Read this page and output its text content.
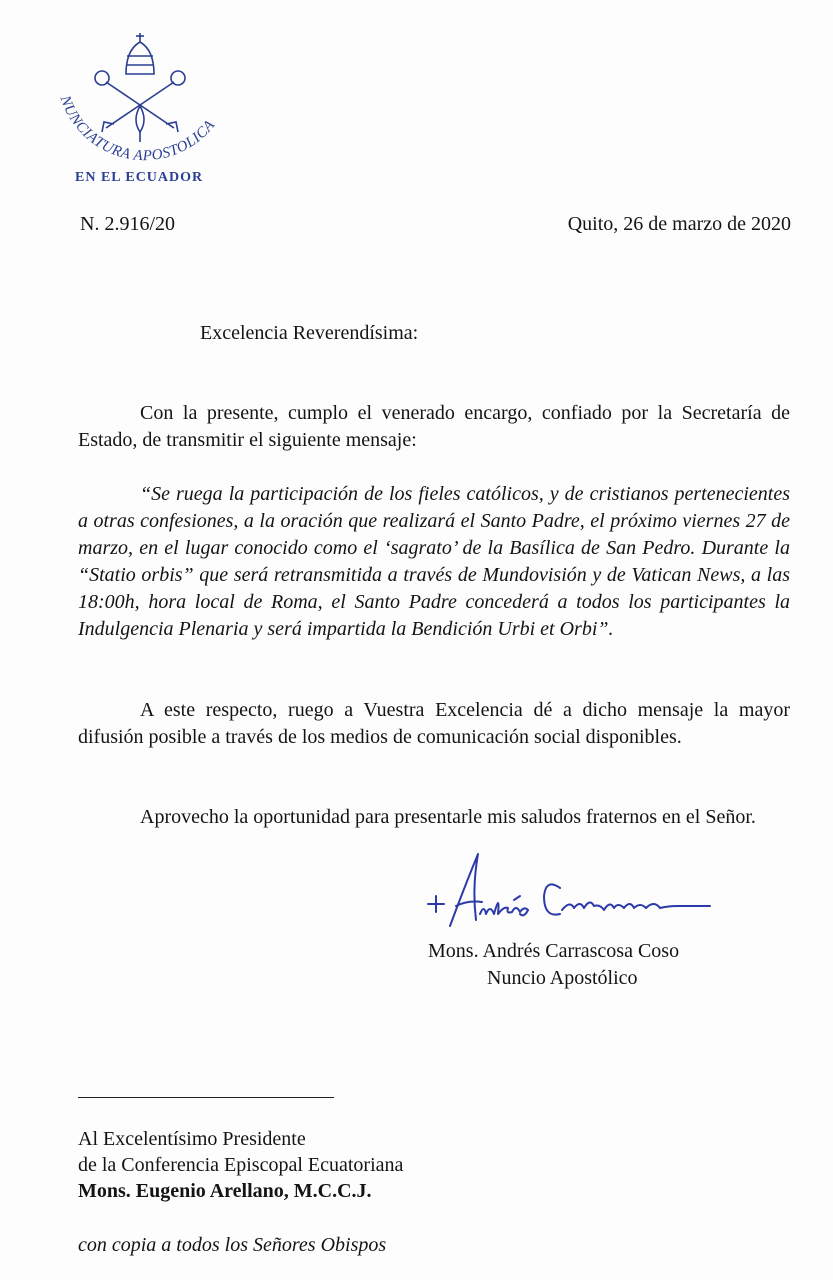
NUNCIATURA APOSTOLICA
EN EL ECUADOR
N. 2.916/20	Quito, 26 de marzo de 2020
Excelencia Reverendísima:

Con la presente, cumplo el venerado encargo, confiado por la Secretaría de Estado, de transmitir el siguiente mensaje:

“Se ruega la participación de los fieles católicos, y de cristianos pertenecientes a otras confesiones, a la oración que realizará el Santo Padre, el próximo viernes 27 de marzo, en el lugar conocido como el ‘sagrato’ de la Basílica de San Pedro. Durante la “Statio orbis” que será retransmitida a través de Mundovisión y de Vatican News, a las 18:00h, hora local de Roma, el Santo Padre concederá a todos los participantes la Indulgencia Plenaria y será impartida la Bendición Urbi et Orbi”.

A este respecto, ruego a Vuestra Excelencia dé a dicho mensaje la mayor difusión posible a través de los medios de comunicación social disponibles.

Aprovecho la oportunidad para presentarle mis saludos fraternos en el Señor.

Mons. Andrés Carrascosa Coso
Nuncio Apostólico
Al Excelentísimo Presidente
de la Conferencia Episcopal Ecuatoriana
Mons. Eugenio Arellano, M.C.C.J.
con copia a todos los Señores Obispos
